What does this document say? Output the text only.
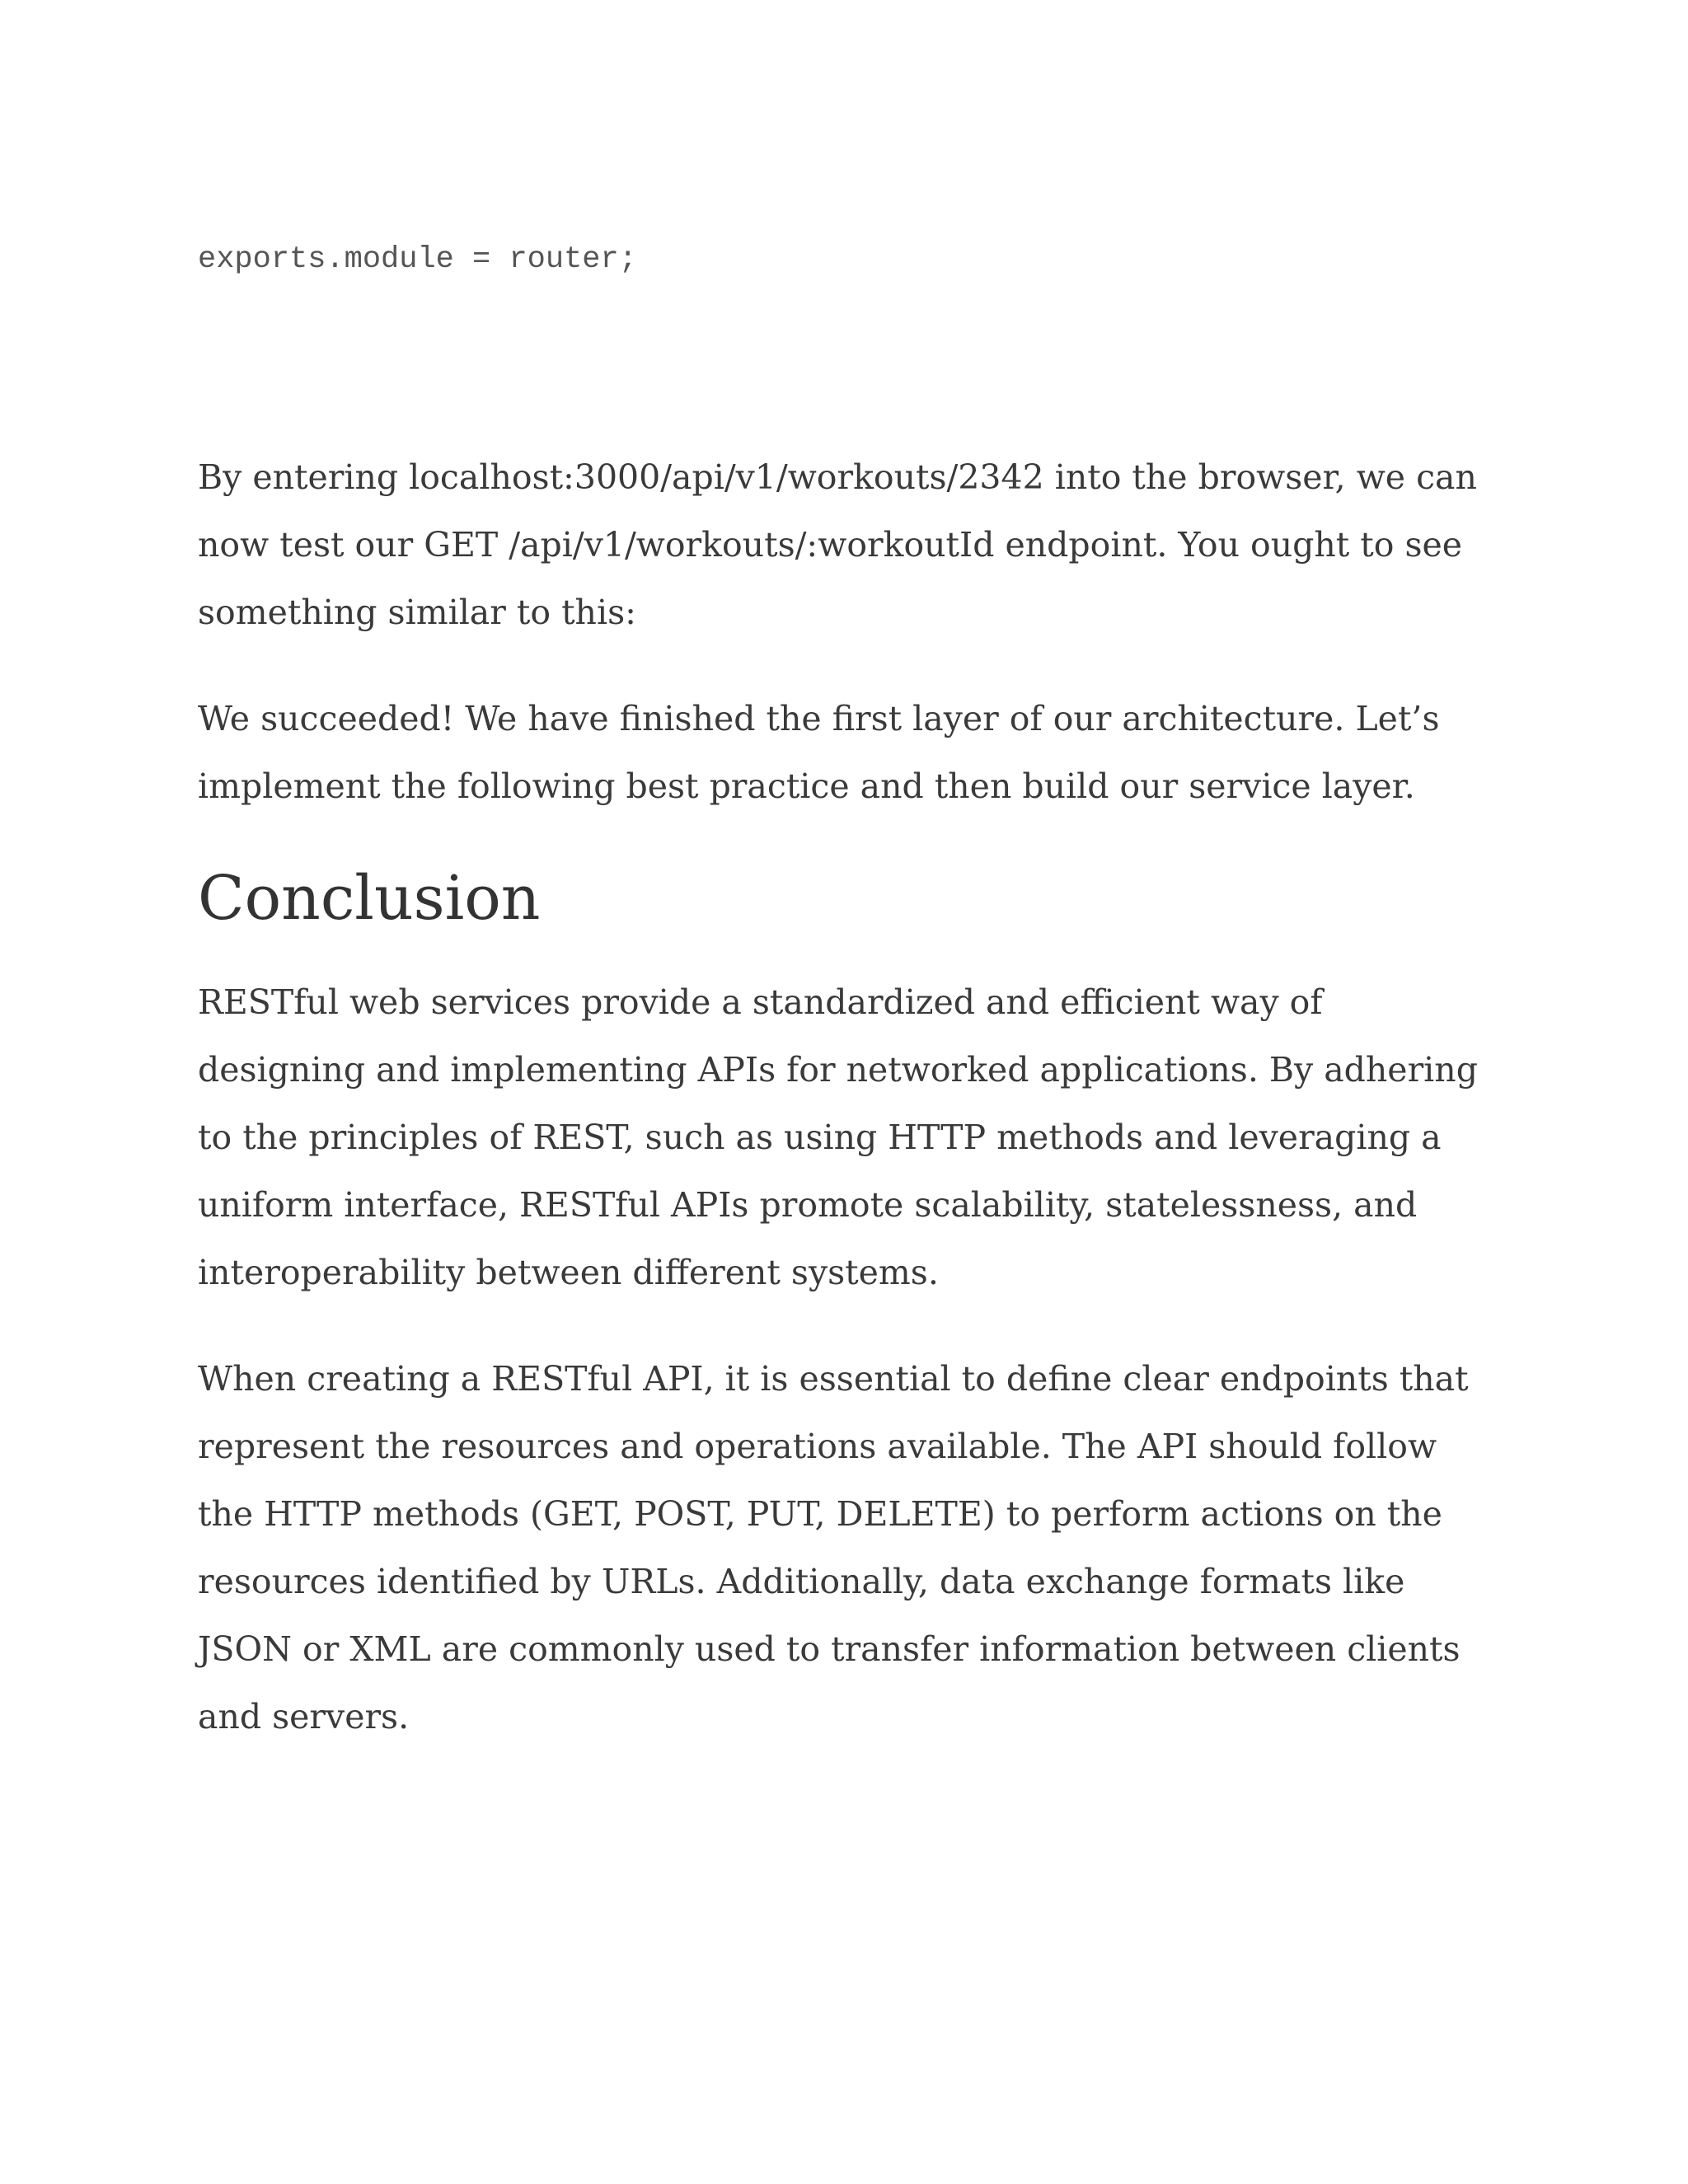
exports.module = router;

By entering localhost:3000/api/v1/workouts/2342 into the browser, we can now test our GET /api/v1/workouts/:workoutId endpoint. You ought to see something similar to this:

We succeeded! We have finished the first layer of our architecture. Let’s implement the following best practice and then build our service layer.

Conclusion

RESTful web services provide a standardized and efficient way of designing and implementing APIs for networked applications. By adhering to the principles of REST, such as using HTTP methods and leveraging a uniform interface, RESTful APIs promote scalability, statelessness, and interoperability between different systems.

When creating a RESTful API, it is essential to define clear endpoints that represent the resources and operations available. The API should follow the HTTP methods (GET, POST, PUT, DELETE) to perform actions on the resources identified by URLs. Additionally, data exchange formats like JSON or XML are commonly used to transfer information between clients and servers.
